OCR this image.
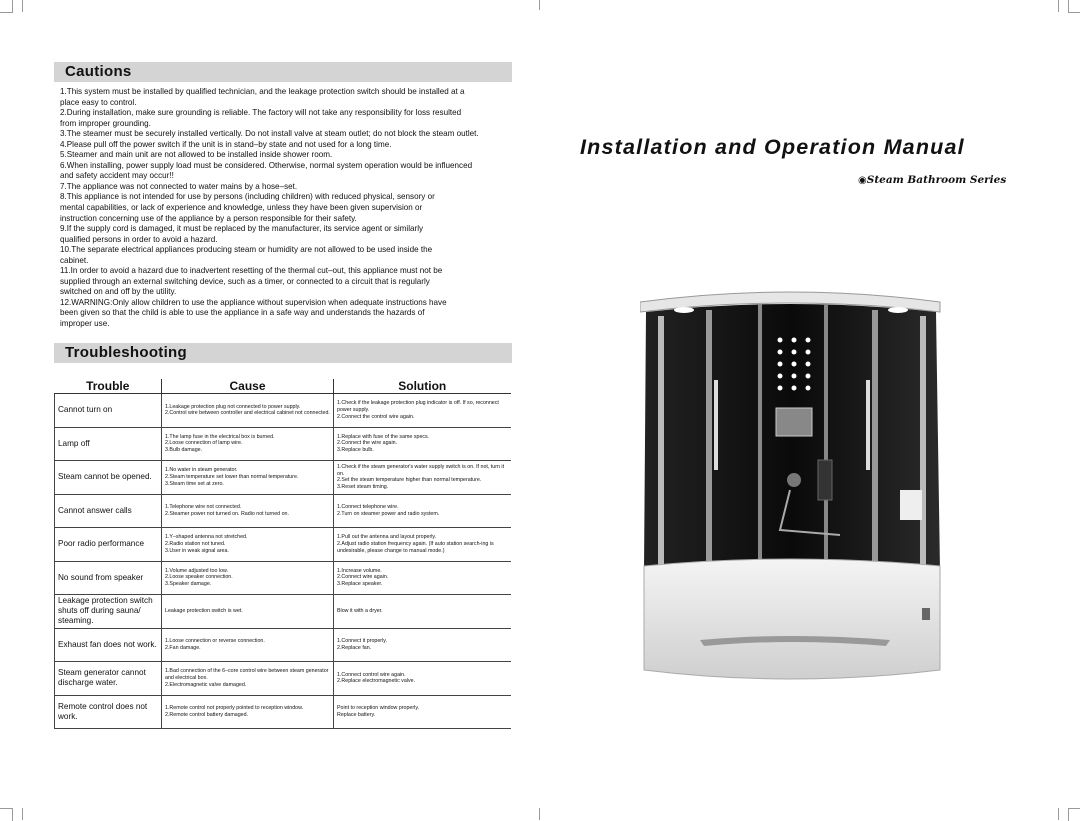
Cautions
1.This system must be installed by qualified technician, and the leakage protection switch should be installed at a
place easy to control.
2.During installation, make sure grounding is reliable. The factory will not take any responsibility for loss resulted
from improper grounding.
3.The steamer must be securely installed vertically. Do not install valve at steam outlet; do not block the steam outlet.
4.Please pull off the power switch if the unit is in stand–by state and not used for a long time.
5.Steamer and main unit are not allowed to be installed inside shower room.
6.When installing, power supply load must be considered. Otherwise, normal system operation would be influenced
and safety accident may occur!!
7.The appliance was not connected to water mains by a hose–set.
8.This appliance is not intended for use by persons (including children) with reduced physical, sensory or
mental capabilities, or lack of experience and knowledge, unless they have been given supervision or
instruction concerning use of the appliance by a person responsible for their safety.
9.If the supply cord is damaged, it must be replaced by the manufacturer, its service agent or similarly
qualified persons in order to avoid a hazard.
10.The separate electrical appliances producing steam or humidity are not allowed to be used inside the
cabinet.
11.In order to avoid a hazard due to inadvertent resetting of the thermal cut–out, this appliance must not be
supplied through an external switching device, such as a timer, or connected to a circuit that is regularly
switched on and off by the utility.
12.WARNING:Only allow children to use the appliance without supervision when adequate instructions have
been given so that the child is able to use the appliance in a safe way and understands the hazards of
improper use.
Troubleshooting
Trouble	Cause	Solution

Cannot turn on	1.Leakage protection plug not connected to power supply.
2.Control wire between controller and electrical cabinet not connected.	1.Check if the leakage protection plug indicator is off. If so, reconnect power supply.
2.Connect the control wire again.

Lamp off	1.The lamp fuse in the electrical box is burned.
2.Loose connection of lamp wire.
3.Bulb damage.	1.Replace with fuse of the same specs.
2.Connect the wire again.
3.Replace bulb.

Steam cannot be opened.	1.No water in steam generator.
2.Steam temperature set lower than normal temperature.
3.Steam time set at zero.	1.Check if the steam generator's water supply switch is on. If not, turn it on.
2.Set the steam temperature higher than normal temperature.
3.Reset steam timing.

Cannot answer calls	1.Telephone wire not connected.
2.Steamer power not turned on. Radio not turned on.	1.Connect telephone wire.
2.Turn on steamer power and radio system.

Poor radio performance	1.Y–shaped antenna not stretched.
2.Radio station not tuned.
3.User in weak signal area.	1.Pull out the antenna and layout properly.
2.Adjust radio station frequency again. (If auto station search-ing is undesirable, please change to manual mode.)

No sound from speaker	1.Volume adjusted too low.
2.Loose speaker connection.
3.Speaker damage.	1.Increase volume.
2.Connect wire again.
3.Replace speaker.

Leakage protection switch shuts off during sauna/ steaming.	Leakage protection switch is wet.	Blow it with a dryer.

Exhaust fan does not work.	1.Loose connection or reverse connection.
2.Fan damage.	1.Connect it properly.
2.Replace fan.

Steam generator cannot discharge water.	1.Bad connection of the 6–core control wire between steam generator and electrical box.
2.Electromagnetic valve damaged.	1.Connect control wire again.
2.Replace electromagnetic valve.

Remote control does not work.	1.Remote control not properly pointed to reception window.
2.Remote control battery damaged.	Point to reception window properly.
Replace battery.
Installation and Operation Manual
◉Steam Bathroom Series
